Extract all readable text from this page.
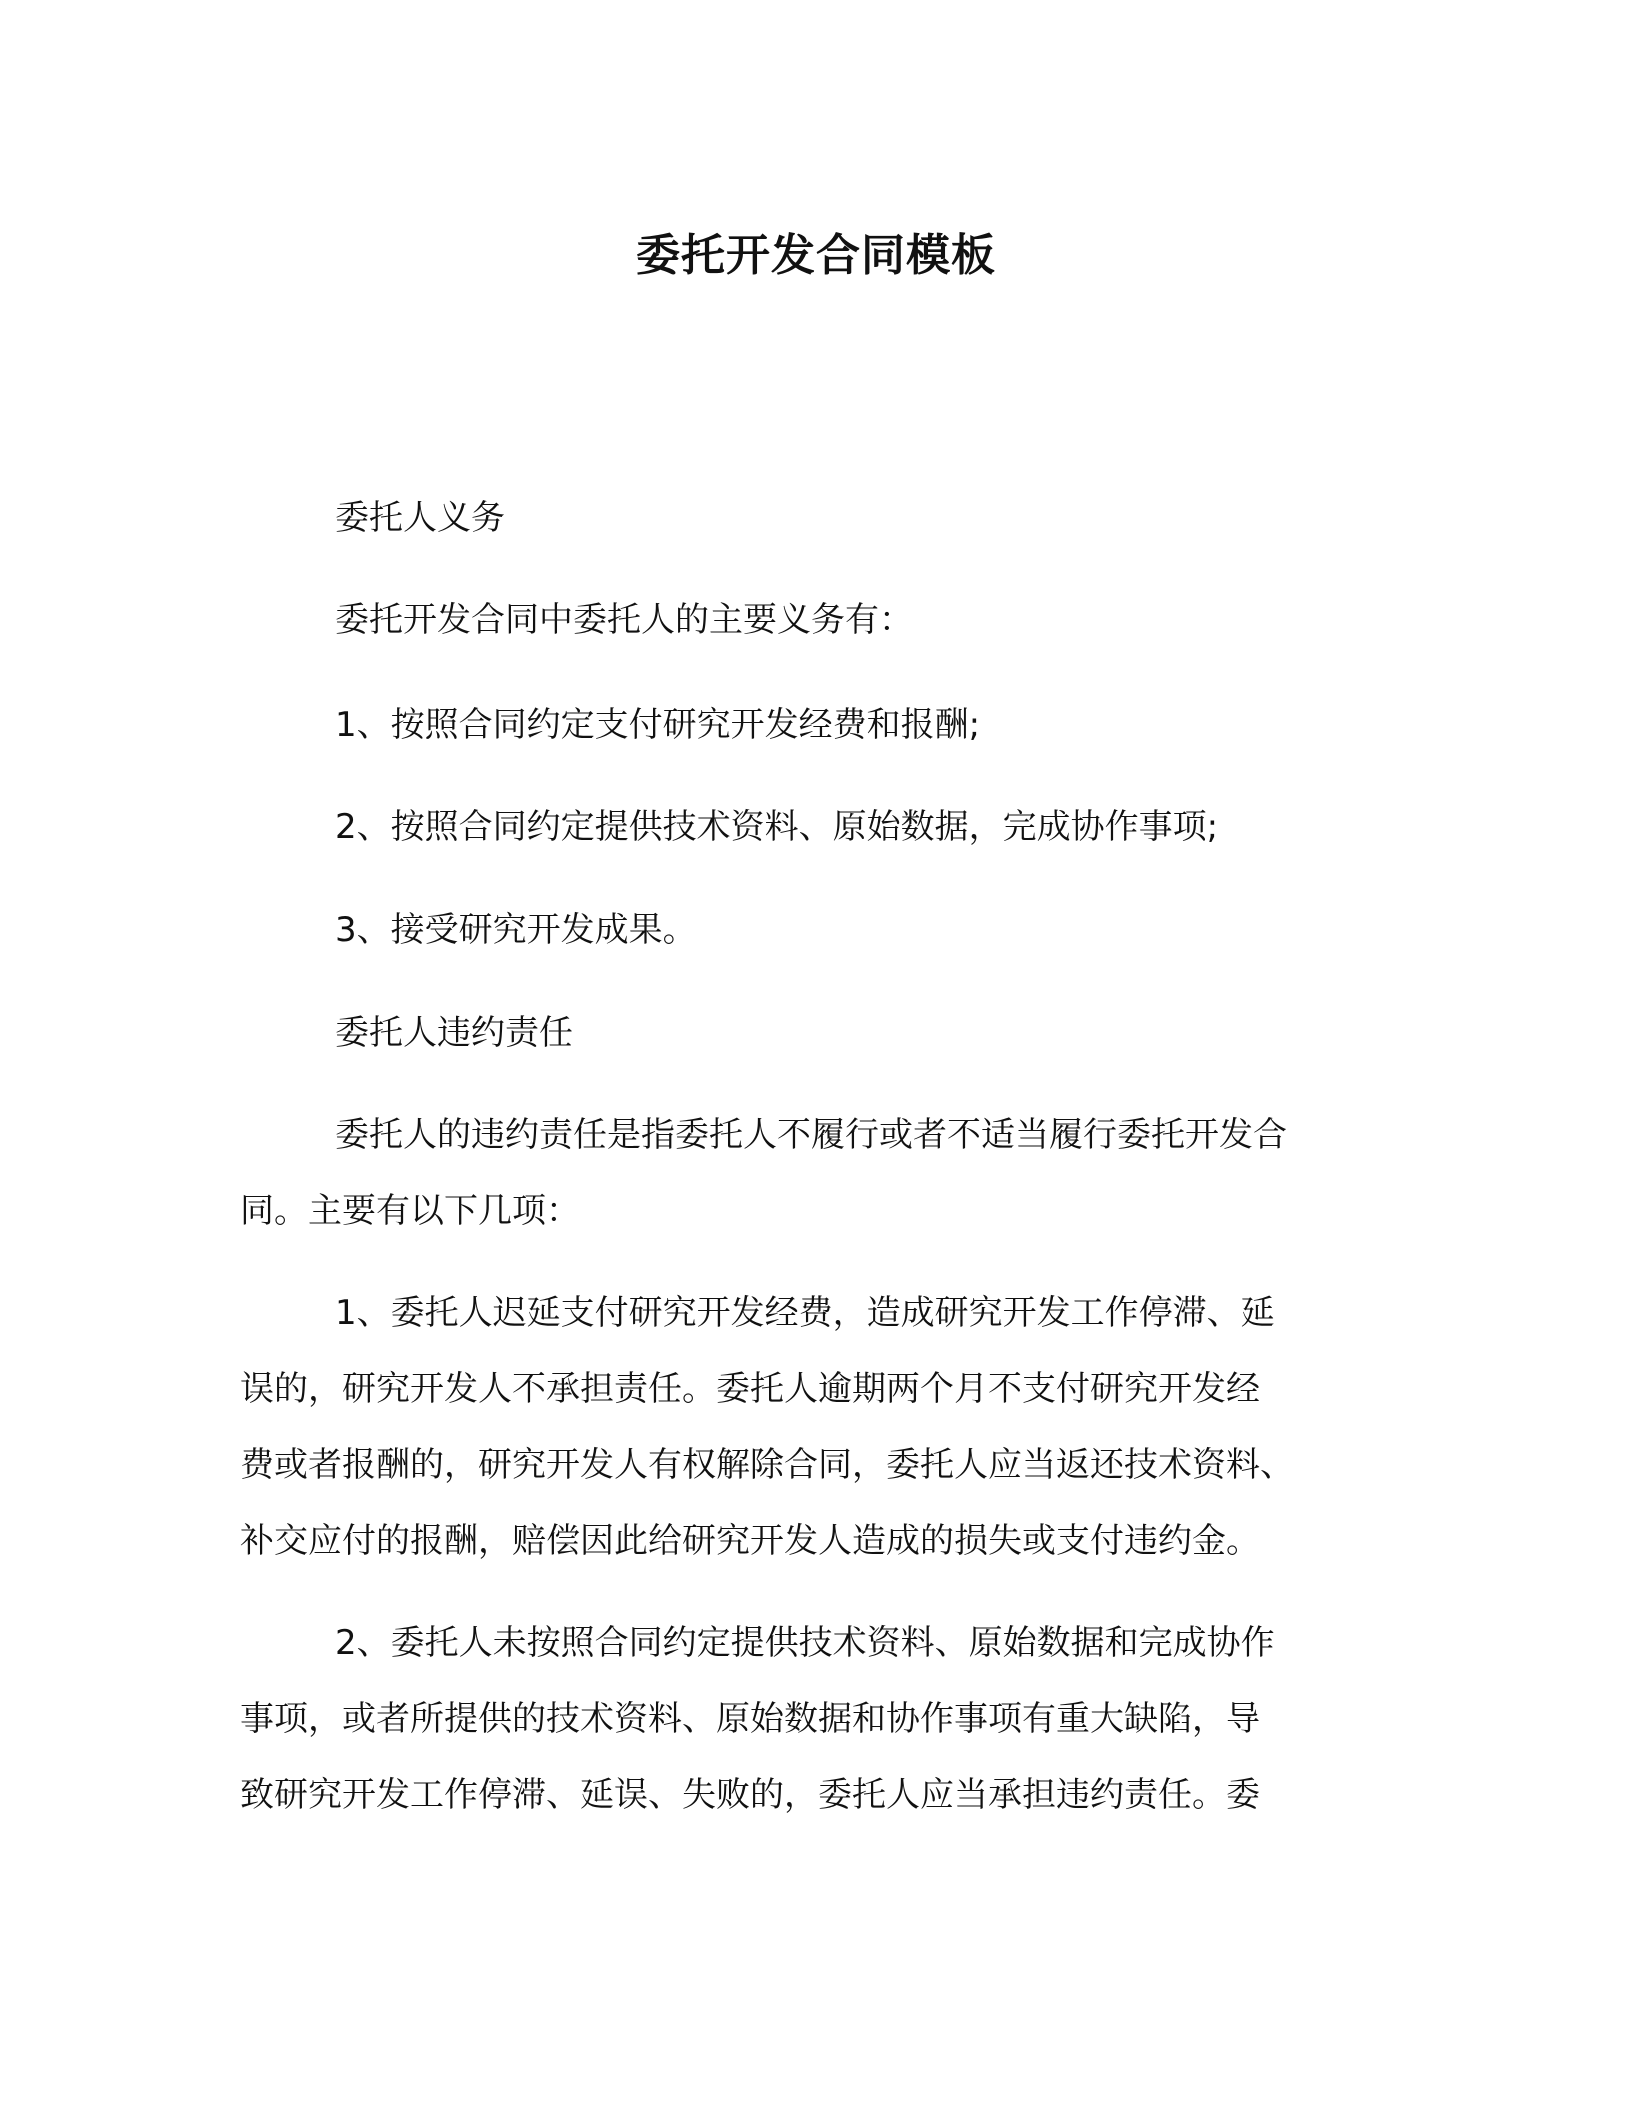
委托开发合同模板

委托人义务

委托开发合同中委托人的主要义务有：

1、按照合同约定支付研究开发经费和报酬;

2、按照合同约定提供技术资料、原始数据，完成协作事项;

3、接受研究开发成果。

委托人违约责任

委托人的违约责任是指委托人不履行或者不适当履行委托开发合

同。主要有以下几项：

1、委托人迟延支付研究开发经费，造成研究开发工作停滞、延

误的，研究开发人不承担责任。委托人逾期两个月不支付研究开发经

费或者报酬的，研究开发人有权解除合同，委托人应当返还技术资料、

补交应付的报酬，赔偿因此给研究开发人造成的损失或支付违约金。

2、委托人未按照合同约定提供技术资料、原始数据和完成协作

事项，或者所提供的技术资料、原始数据和协作事项有重大缺陷，导

致研究开发工作停滞、延误、失败的，委托人应当承担违约责任。委
